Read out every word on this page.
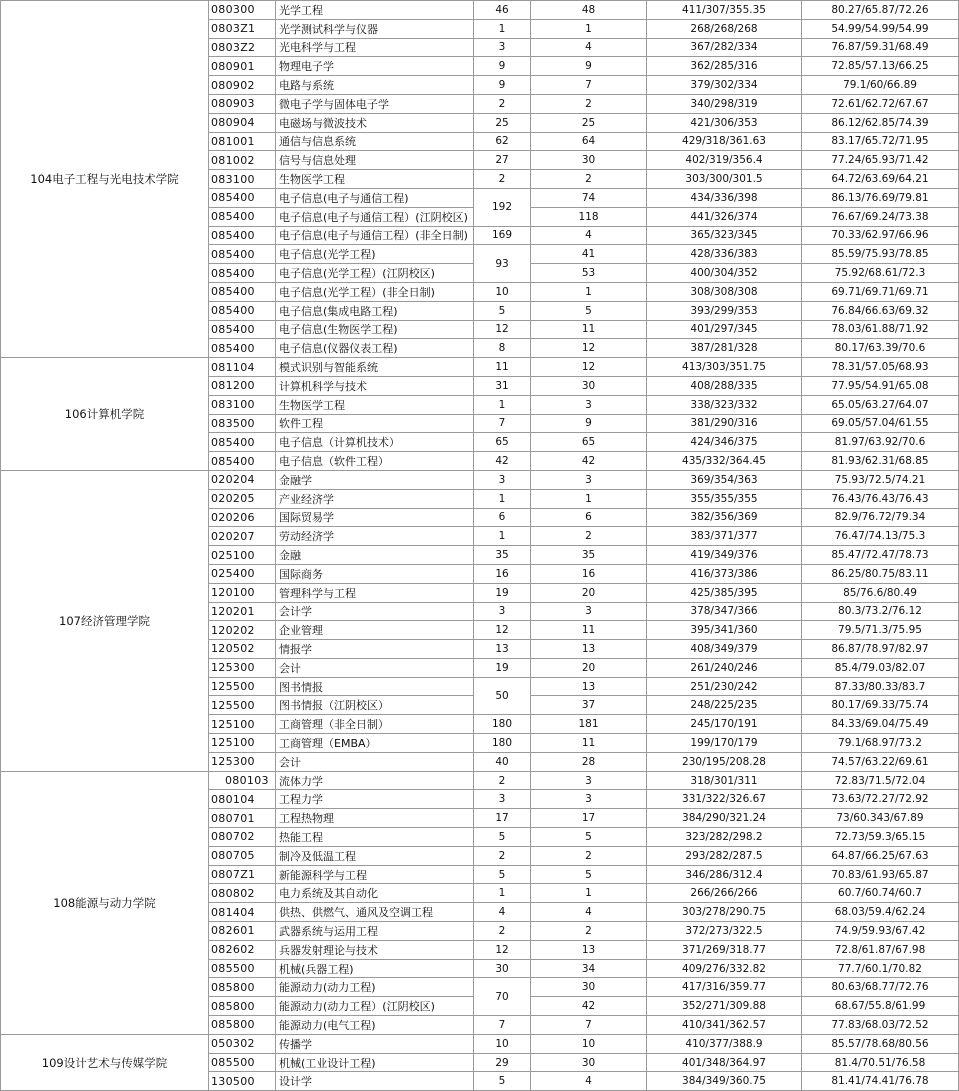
104电子工程与光电技术学院	080300	光学工程	46	48	411/307/355.35	80.27/65.87/72.26
	0803Z1	光学测试科学与仪器	1	1	268/268/268	54.99/54.99/54.99
	0803Z2	光电科学与工程	3	4	367/282/334	76.87/59.31/68.49
	080901	物理电子学	9	9	362/285/316	72.85/57.13/66.25
	080902	电路与系统	9	7	379/302/334	79.1/60/66.89
	080903	微电子学与固体电子学	2	2	340/298/319	72.61/62.72/67.67
	080904	电磁场与微波技术	25	25	421/306/353	86.12/62.85/74.39
	081001	通信与信息系统	62	64	429/318/361.63	83.17/65.72/71.95
	081002	信号与信息处理	27	30	402/319/356.4	77.24/65.93/71.42
	083100	生物医学工程	2	2	303/300/301.5	64.72/63.69/64.21
	085400	电子信息(电子与通信工程)	192	74	434/336/398	86.13/76.69/79.81
	085400	电子信息(电子与通信工程）(江阴校区)		118	441/326/374	76.67/69.24/73.38
	085400	电子信息(电子与通信工程）(非全日制)	169	4	365/323/345	70.33/62.97/66.96
	085400	电子信息(光学工程)	93	41	428/336/383	85.59/75.93/78.85
	085400	电子信息(光学工程）(江阴校区)		53	400/304/352	75.92/68.61/72.3
	085400	电子信息(光学工程）(非全日制)	10	1	308/308/308	69.71/69.71/69.71
	085400	电子信息(集成电路工程)	5	5	393/299/353	76.84/66.63/69.32
	085400	电子信息(生物医学工程)	12	11	401/297/345	78.03/61.88/71.92
	085400	电子信息(仪器仪表工程)	8	12	387/281/328	80.17/63.39/70.6
106计算机学院	081104	模式识别与智能系统	11	12	413/303/351.75	78.31/57.05/68.93
	081200	计算机科学与技术	31	30	408/288/335	77.95/54.91/65.08
	083100	生物医学工程	1	3	338/323/332	65.05/63.27/64.07
	083500	软件工程	7	9	381/290/316	69.05/57.04/61.55
	085400	电子信息（计算机技术）	65	65	424/346/375	81.97/63.92/70.6
	085400	电子信息（软件工程）	42	42	435/332/364.45	81.93/62.31/68.85
107经济管理学院	020204	金融学	3	3	369/354/363	75.93/72.5/74.21
	020205	产业经济学	1	1	355/355/355	76.43/76.43/76.43
	020206	国际贸易学	6	6	382/356/369	82.9/76.72/79.34
	020207	劳动经济学	1	2	383/371/377	76.47/74.13/75.3
	025100	金融	35	35	419/349/376	85.47/72.47/78.73
	025400	国际商务	16	16	416/373/386	86.25/80.75/83.11
	120100	管理科学与工程	19	20	425/385/395	85/76.6/80.49
	120201	会计学	3	3	378/347/366	80.3/73.2/76.12
	120202	企业管理	12	11	395/341/360	79.5/71.3/75.95
	120502	情报学	13	13	408/349/379	86.87/78.97/82.97
	125300	会计	19	20	261/240/246	85.4/79.03/82.07
	125500	图书情报	50	13	251/230/242	87.33/80.33/83.7
	125500	图书情报（江阴校区）		37	248/225/235	80.17/69.33/75.74
	125100	工商管理（非全日制）	180	181	245/170/191	84.33/69.04/75.49
	125100	工商管理（EMBA）	180	11	199/170/179	79.1/68.97/73.2
	125300	会计	40	28	230/195/208.28	74.57/63.22/69.61
108能源与动力学院	080103	流体力学	2	3	318/301/311	72.83/71.5/72.04
	080104	工程力学	3	3	331/322/326.67	73.63/72.27/72.92
	080701	工程热物理	17	17	384/290/321.24	73/60.343/67.89
	080702	热能工程	5	5	323/282/298.2	72.73/59.3/65.15
	080705	制冷及低温工程	2	2	293/282/287.5	64.87/66.25/67.63
	0807Z1	新能源科学与工程	5	5	346/286/312.4	70.83/61.93/65.87
	080802	电力系统及其自动化	1	1	266/266/266	60.7/60.74/60.7
	081404	供热、供燃气、通风及空调工程	4	4	303/278/290.75	68.03/59.4/62.24
	082601	武器系统与运用工程	2	2	372/273/322.5	74.9/59.93/67.42
	082602	兵器发射理论与技术	12	13	371/269/318.77	72.8/61.87/67.98
	085500	机械(兵器工程)	30	34	409/276/332.82	77.7/60.1/70.82
	085800	能源动力(动力工程)	70	30	417/316/359.77	80.63/68.77/72.76
	085800	能源动力(动力工程）(江阴校区)		42	352/271/309.88	68.67/55.8/61.99
	085800	能源动力(电气工程)	7	7	410/341/362.57	77.83/68.03/72.52
109设计艺术与传媒学院	050302	传播学	10	10	410/377/388.9	85.57/78.68/80.56
	085500	机械(工业设计工程)	29	30	401/348/364.97	81.4/70.51/76.58
	130500	设计学	5	4	384/349/360.75	81.41/74.41/76.78
